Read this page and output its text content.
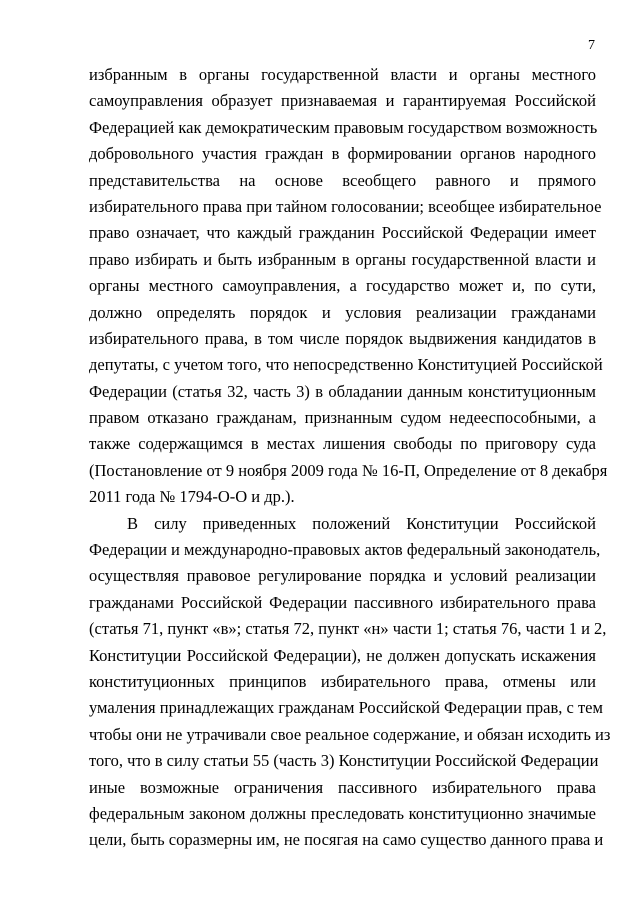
7
избранным в органы государственной власти и органы местного
самоуправления образует признаваемая и гарантируемая Российской
Федерацией как демократическим правовым государством возможность
добровольного участия граждан в формировании органов народного
представительства на основе всеобщего равного и прямого
избирательного права при тайном голосовании; всеобщее избирательное
право означает, что каждый гражданин Российской Федерации имеет
право избирать и быть избранным в органы государственной власти и
органы местного самоуправления, а государство может и, по сути,
должно определять порядок и условия реализации гражданами
избирательного права, в том числе порядок выдвижения кандидатов в
депутаты, с учетом того, что непосредственно Конституцией Российской
Федерации (статья 32, часть 3) в обладании данным конституционным
правом отказано гражданам, признанным судом недееспособными, а
также содержащимся в местах лишения свободы по приговору суда
(Постановление от 9 ноября 2009 года № 16-П, Определение от 8 декабря
2011 года № 1794-О-О и др.).
В силу приведенных положений Конституции Российской
Федерации и международно-правовых актов федеральный законодатель,
осуществляя правовое регулирование порядка и условий реализации
гражданами Российской Федерации пассивного избирательного права
(статья 71, пункт «в»; статья 72, пункт «н» части 1; статья 76, части 1 и 2,
Конституции Российской Федерации), не должен допускать искажения
конституционных принципов избирательного права, отмены или
умаления принадлежащих гражданам Российской Федерации прав, с тем
чтобы они не утрачивали свое реальное содержание, и обязан исходить из
того, что в силу статьи 55 (часть 3) Конституции Российской Федерации
иные возможные ограничения пассивного избирательного права
федеральным законом должны преследовать конституционно значимые
цели, быть соразмерны им, не посягая на само существо данного права и
